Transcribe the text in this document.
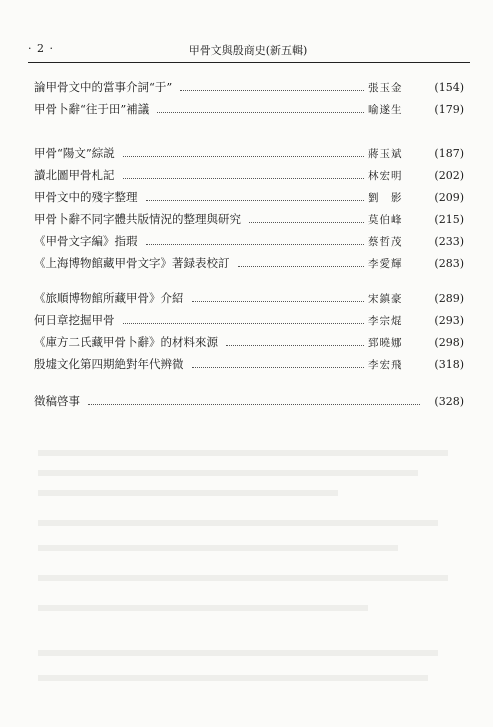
· 2 ·	甲骨文與殷商史(新五輯)
論甲骨文中的當事介詞“于”	張玉金	(154)
甲骨卜辭“往于田”補議	喻遂生	(179)
甲骨“陽文”綜説	蔣玉斌	(187)
讀北圖甲骨札記	林宏明	(202)
甲骨文中的殘字整理	劉　影	(209)
甲骨卜辭不同字體共版情況的整理與研究	莫伯峰	(215)
《甲骨文字編》指瑕	蔡哲茂	(233)
《上海博物館藏甲骨文字》著録表校訂	李愛輝	(283)
《旅順博物館所藏甲骨》介紹	宋鎮豪	(289)
何日章挖掘甲骨	李宗焜	(293)
《庫方二氏藏甲骨卜辭》的材料來源	郅曉娜	(298)
殷墟文化第四期絶對年代辨微	李宏飛	(318)
徵稿啓事	(328)
